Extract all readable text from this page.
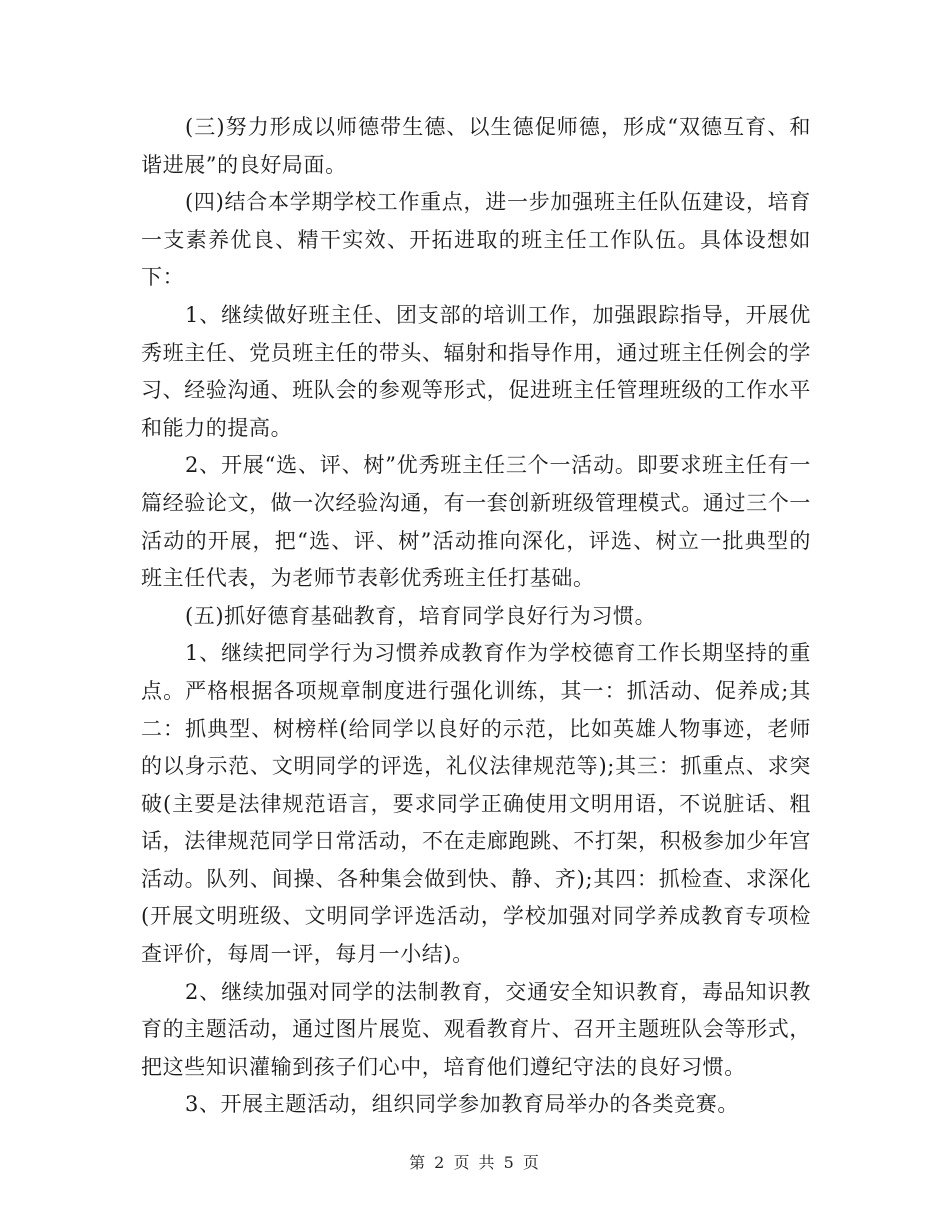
(三)努力形成以师德带生德、以生德促师德，形成“双德互育、和谐进展”的良好局面。

(四)结合本学期学校工作重点，进一步加强班主任队伍建设，培育一支素养优良、精干实效、开拓进取的班主任工作队伍。具体设想如下：

1、继续做好班主任、团支部的培训工作，加强跟踪指导，开展优秀班主任、党员班主任的带头、辐射和指导作用，通过班主任例会的学习、经验沟通、班队会的参观等形式，促进班主任管理班级的工作水平和能力的提高。

2、开展“选、评、树”优秀班主任三个一活动。即要求班主任有一篇经验论文，做一次经验沟通，有一套创新班级管理模式。通过三个一活动的开展，把“选、评、树”活动推向深化，评选、树立一批典型的班主任代表，为老师节表彰优秀班主任打基础。

(五)抓好德育基础教育，培育同学良好行为习惯。

1、继续把同学行为习惯养成教育作为学校德育工作长期坚持的重点。严格根据各项规章制度进行强化训练，其一：抓活动、促养成;其二：抓典型、树榜样(给同学以良好的示范，比如英雄人物事迹，老师的以身示范、文明同学的评选，礼仪法律规范等);其三：抓重点、求突破(主要是法律规范语言，要求同学正确使用文明用语，不说脏话、粗话，法律规范同学日常活动，不在走廊跑跳、不打架，积极参加少年宫活动。队列、间操、各种集会做到快、静、齐);其四：抓检查、求深化(开展文明班级、文明同学评选活动，学校加强对同学养成教育专项检查评价，每周一评，每月一小结)。

2、继续加强对同学的法制教育，交通安全知识教育，毒品知识教育的主题活动，通过图片展览、观看教育片、召开主题班队会等形式，把这些知识灌输到孩子们心中，培育他们遵纪守法的良好习惯。

3、开展主题活动，组织同学参加教育局举办的各类竞赛。

第 2 页 共 5 页
